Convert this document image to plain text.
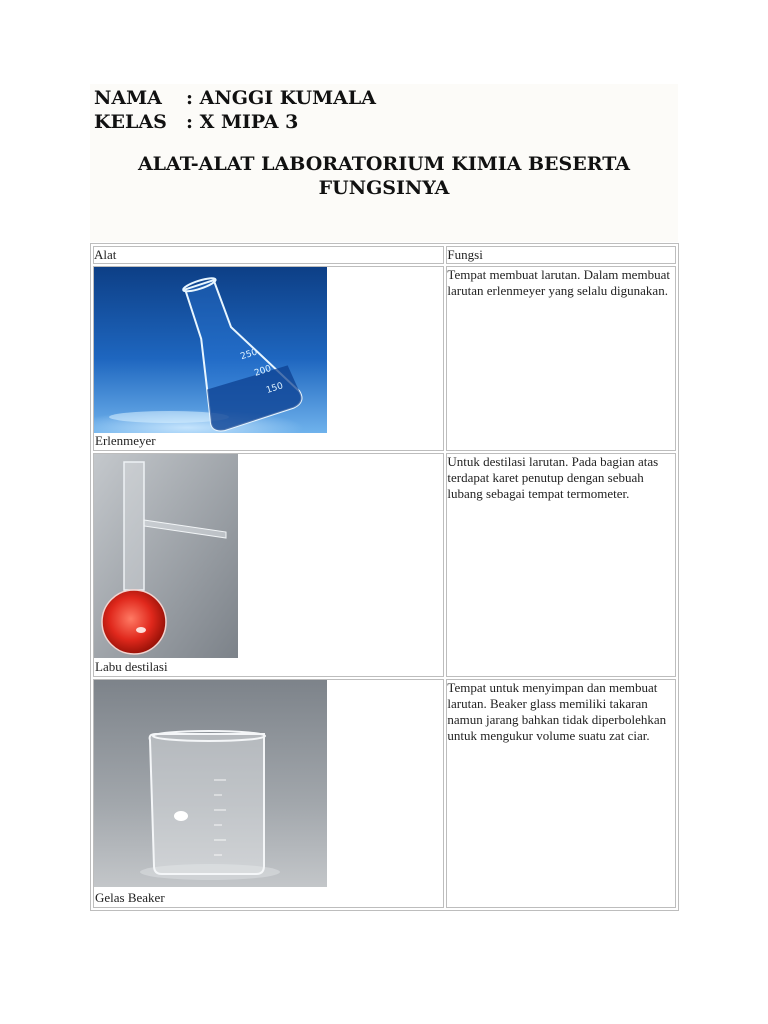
NAMA : ANGGI KUMALA
KELAS : X MIPA 3
ALAT-ALAT LABORATORIUM KIMIA BESERTA
FUNGSINYA
Alat	Fungsi

250
200
150
Erlenmeyer	Tempat membuat larutan. Dalam membuat larutan erlenmeyer yang selalu digunakan.

Labu destilasi	Untuk destilasi larutan. Pada bagian atas terdapat karet penutup dengan sebuah lubang sebagai tempat termometer.

Gelas Beaker	Tempat untuk menyimpan dan membuat larutan. Beaker glass memiliki takaran namun jarang bahkan tidak diperbolehkan untuk mengukur volume suatu zat ciar.
